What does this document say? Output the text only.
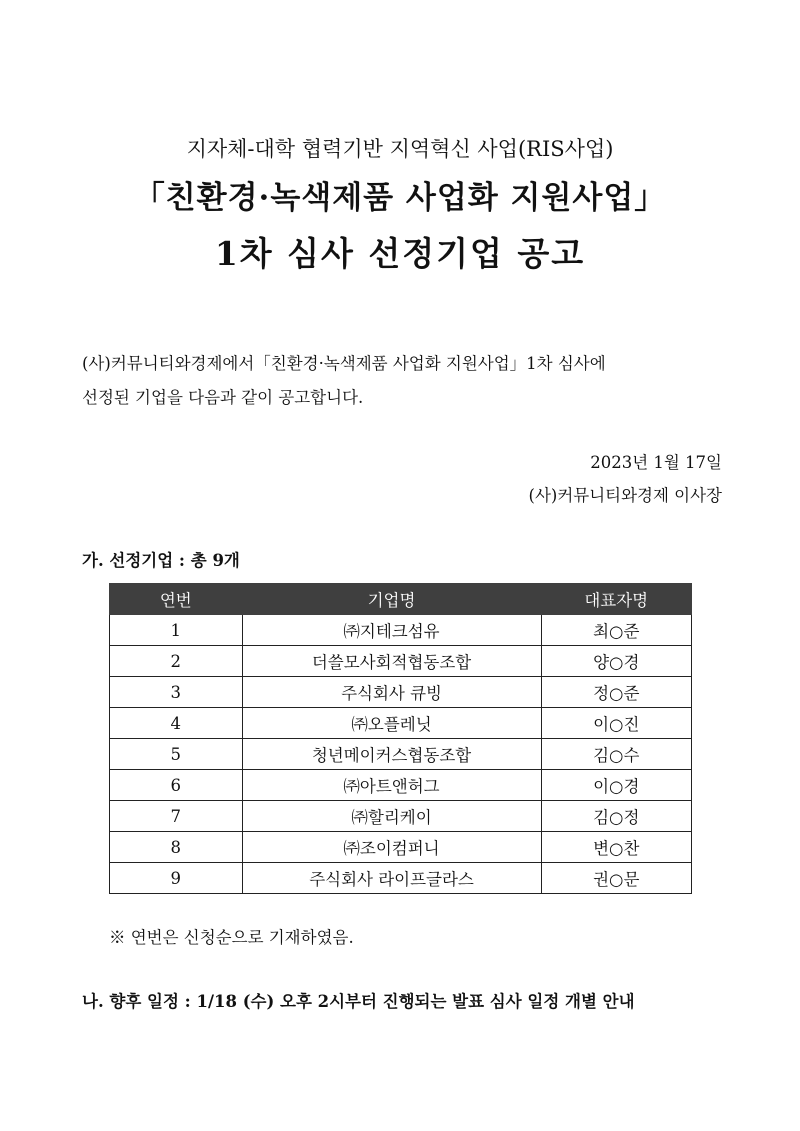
지자체-대학 협력기반 지역혁신 사업(RIS사업)
「친환경·녹색제품 사업화 지원사업」
1차 심사 선정기업 공고
(사)커뮤니티와경제에서「친환경·녹색제품 사업화 지원사업」1차 심사에
선정된 기업을 다음과 같이 공고합니다.
2023년 1월 17일
(사)커뮤니티와경제 이사장
가. 선정기업 : 총 9개
연번	기업명	대표자명
1	㈜지테크섬유	최○준
2	더쓸모사회적협동조합	양○경
3	주식회사 큐빙	정○준
4	㈜오플레닛	이○진
5	청년메이커스협동조합	김○수
6	㈜아트앤허그	이○경
7	㈜할리케이	김○정
8	㈜조이컴퍼니	변○찬
9	주식회사 라이프글라스	권○문
※ 연번은 신청순으로 기재하였음.
나. 향후 일정 : 1/18 (수) 오후 2시부터 진행되는 발표 심사 일정 개별 안내
